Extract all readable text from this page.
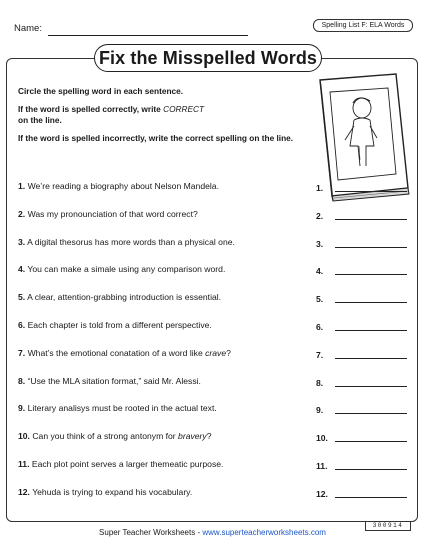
Name:	Spelling List F: ELA Words
Fix the Misspelled Words

Circle the spelling word in each sentence.

If the word is spelled correctly, write CORRECT
on the line.

If the word is spelled incorrectly, write the correct spelling on the line.

1. We’re reading a biography about Nelson Mandela.	1.
2. Was my pronounciation of that word correct?	2.
3. A digital thesorus has more words than a physical one.	3.
4. You can make a simale using any comparison word.	4.
5. A clear, attention-grabbing introduction is essential.	5.
6. Each chapter is told from a different perspective.	6.
7. What’s the emotional conatation of a word like crave?	7.
8. “Use the MLA sitation format,” said Mr. Alessi.	8.
9. Literary analisys must be rooted in the actual text.	9.
10. Can you think of a strong antonym for bravery?	10.
11. Each plot point serves a larger themeatic purpose.	11.
12. Yehuda is trying to expand his vocabulary.	12.
Super Teacher Worksheets - www.superteacherworksheets.com
300914
